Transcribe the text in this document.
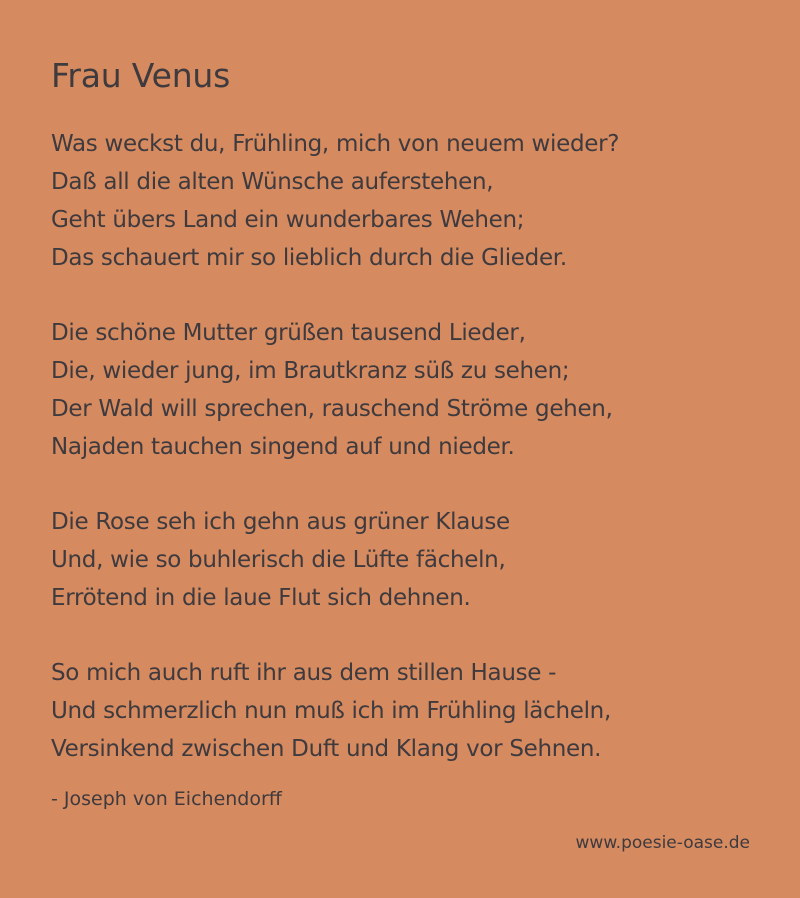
Frau Venus
Was weckst du, Frühling, mich von neuem wieder?
Daß all die alten Wünsche auferstehen,
Geht übers Land ein wunderbares Wehen;
Das schauert mir so lieblich durch die Glieder.
Die schöne Mutter grüßen tausend Lieder,
Die, wieder jung, im Brautkranz süß zu sehen;
Der Wald will sprechen, rauschend Ströme gehen,
Najaden tauchen singend auf und nieder.
Die Rose seh ich gehn aus grüner Klause
Und, wie so buhlerisch die Lüfte fächeln,
Errötend in die laue Flut sich dehnen.
So mich auch ruft ihr aus dem stillen Hause -
Und schmerzlich nun muß ich im Frühling lächeln,
Versinkend zwischen Duft und Klang vor Sehnen.
- Joseph von Eichendorff
www.poesie-oase.de
